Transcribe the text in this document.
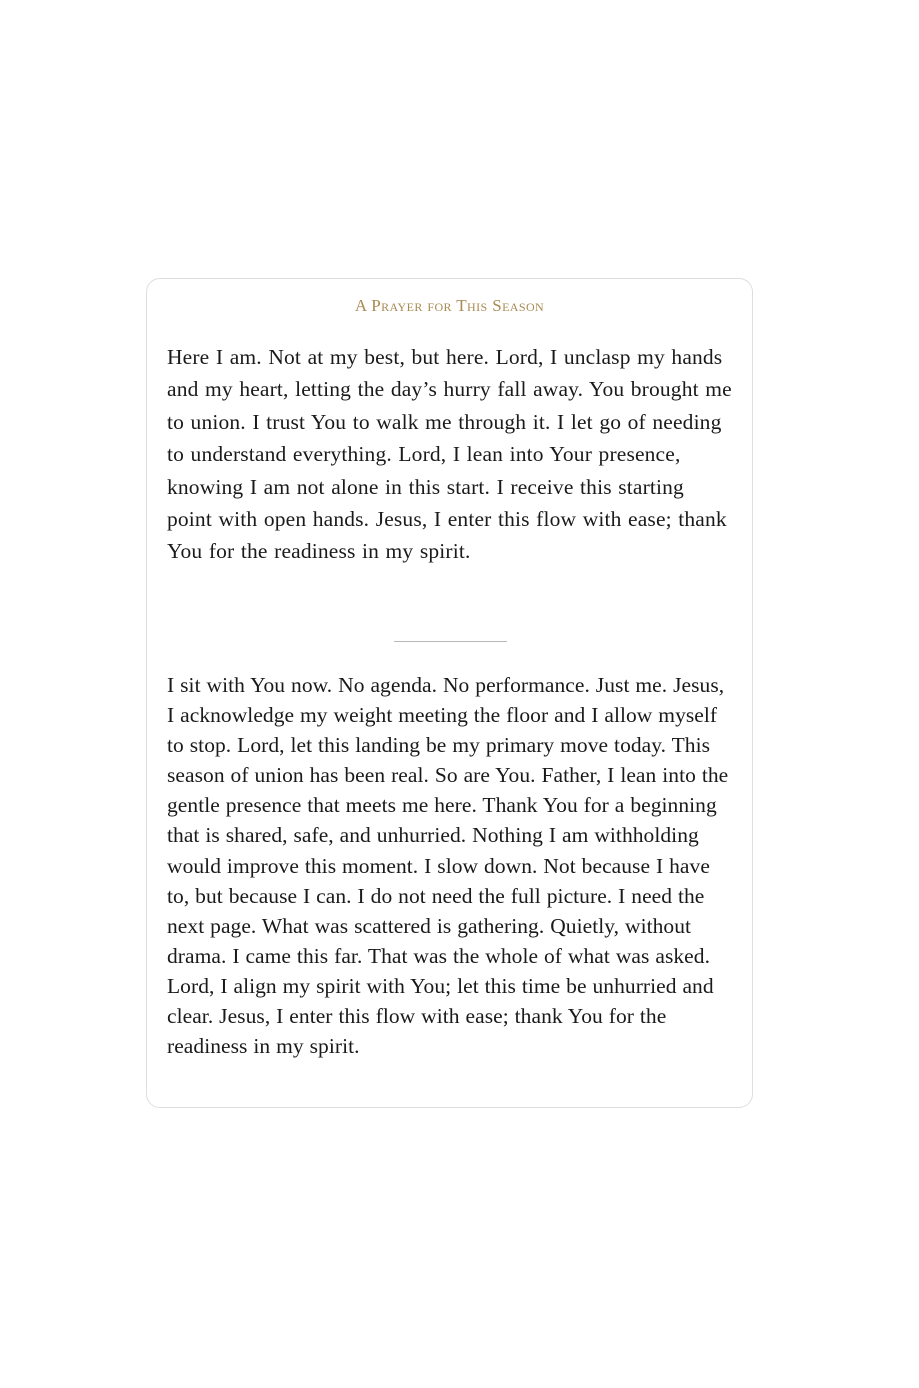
A Prayer for This Season

Here I am. Not at my best, but here. Lord, I unclasp my hands and my heart, letting the day’s hurry fall away. You brought me to union. I trust You to walk me through it. I let go of needing to understand everything. Lord, I lean into Your presence, knowing I am not alone in this start. I receive this starting point with open hands. Jesus, I enter this flow with ease; thank You for the readiness in my spirit.

I sit with You now. No agenda. No performance. Just me. Jesus, I acknowledge my weight meeting the floor and I allow myself to stop. Lord, let this landing be my primary move today. This season of union has been real. So are You. Father, I lean into the gentle presence that meets me here. Thank You for a beginning that is shared, safe, and unhurried. Nothing I am withholding would improve this moment. I slow down. Not because I have to, but because I can. I do not need the full picture. I need the next page. What was scattered is gathering. Quietly, without drama. I came this far. That was the whole of what was asked. Lord, I align my spirit with You; let this time be unhurried and clear. Jesus, I enter this flow with ease; thank You for the readiness in my spirit.
